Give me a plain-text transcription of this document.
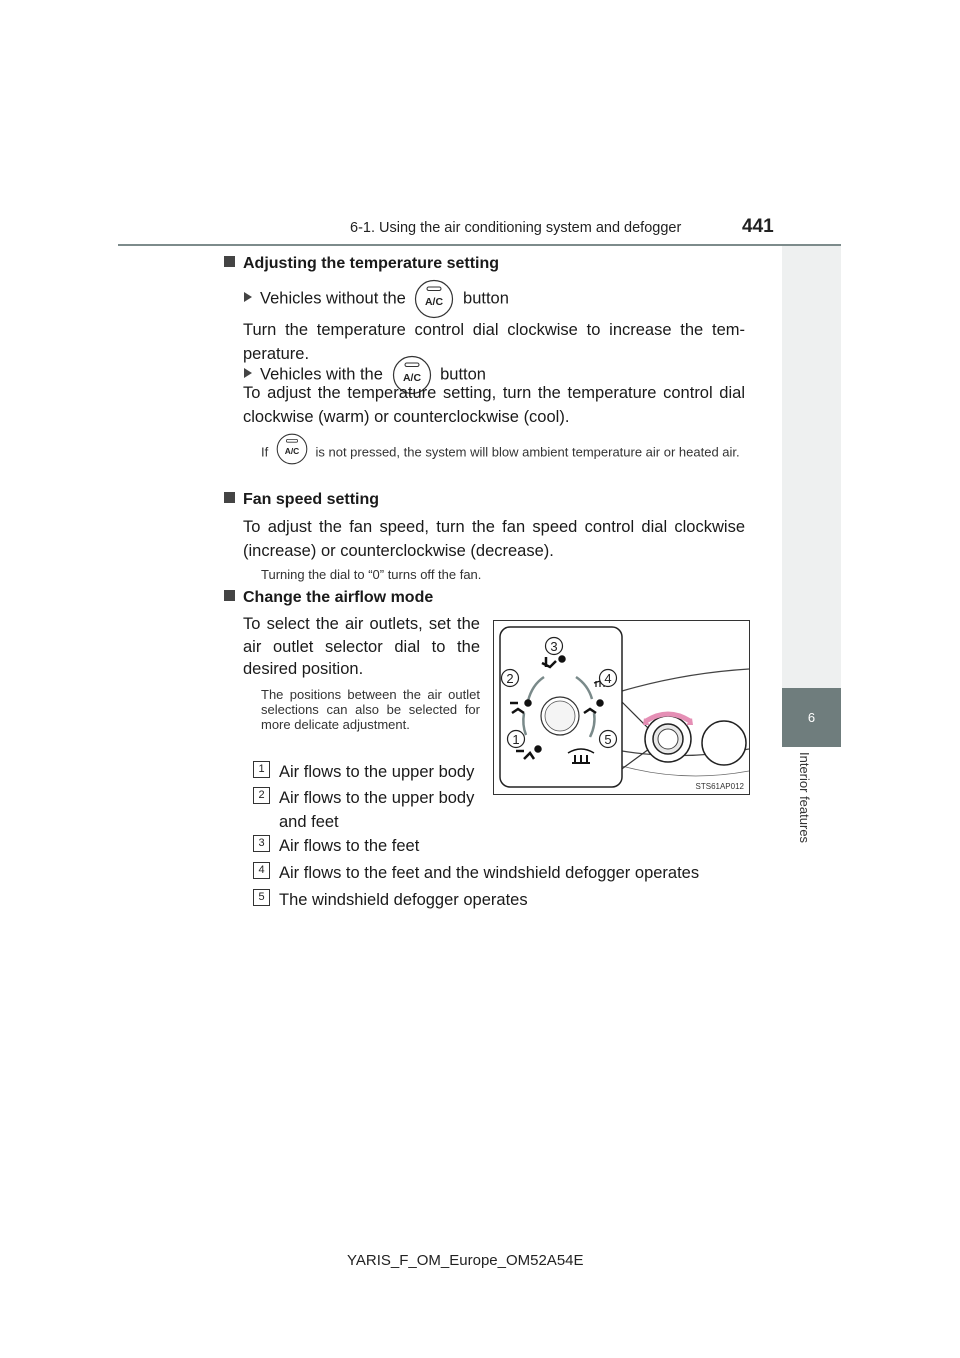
6-1. Using the air conditioning system and defogger	441
6
Interior features
Adjusting the temperature setting
Vehicles without the A/C button
Turn the temperature control dial clockwise to increase the tem-perature.
Vehicles with the A/C button
To adjust the temperature setting, turn the temperature control dial clockwise (warm) or counterclockwise (cool).
If A/C is not pressed, the system will blow ambient temperature air or heated air.
Fan speed setting
To adjust the fan speed, turn the fan speed control dial clockwise (increase) or counterclockwise (decrease).
Turning the dial to “0” turns off the fan.
Change the airflow mode
To select the air outlets, set the air outlet selector dial to the desired position.
The positions between the air outlet selections can also be selected for more delicate adjustment.
1 Air flows to the upper body
2 Air flows to the upper body and feet
3 Air flows to the feet
4 Air flows to the feet and the windshield defogger operates
5 The windshield defogger operates
1
2
3
4
5
STS61AP012
YARIS_F_OM_Europe_OM52A54E
